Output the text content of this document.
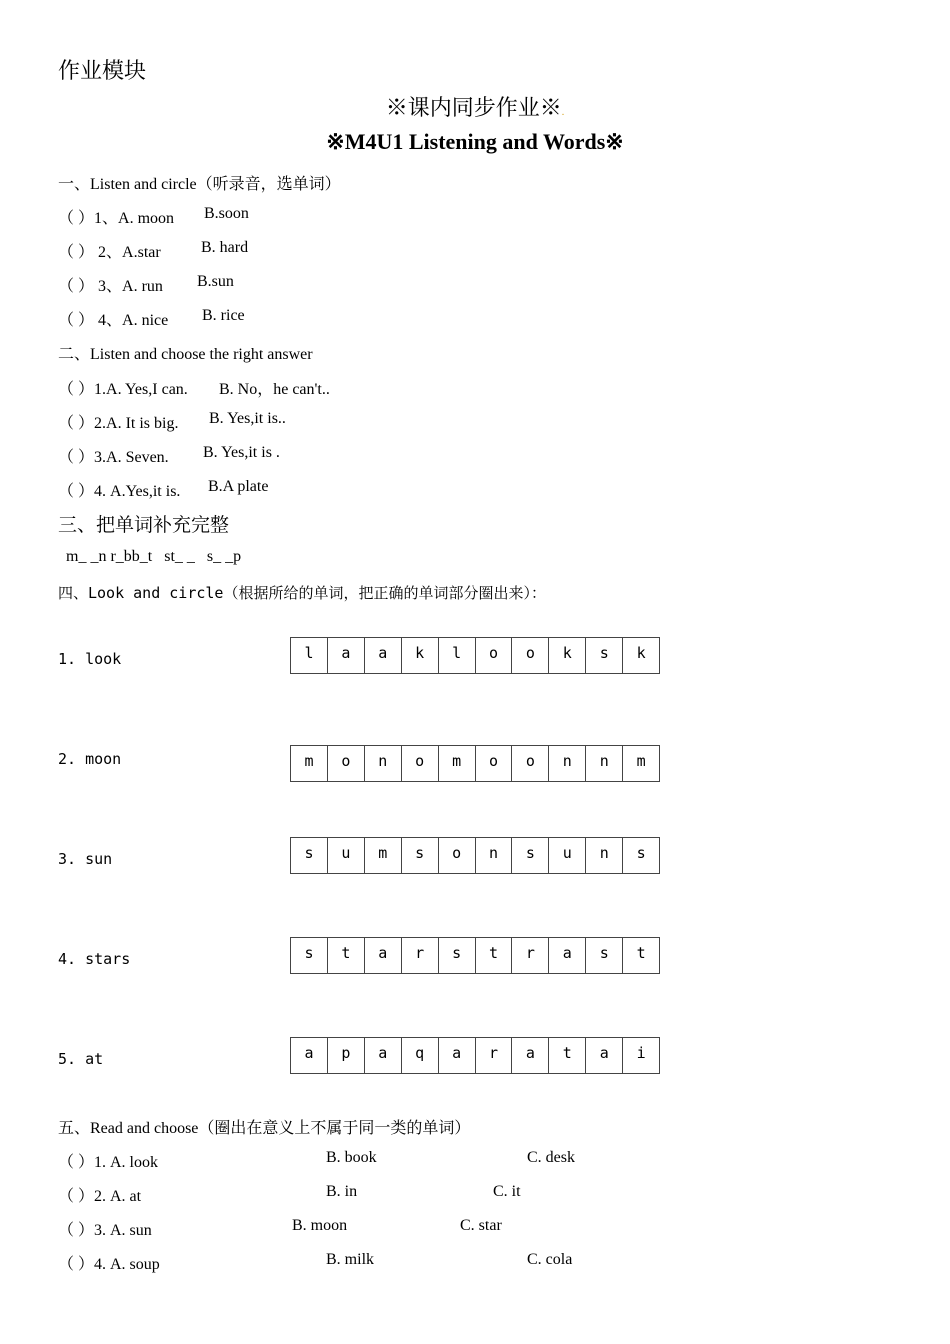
作业模块
※课内同步作业※.
※M4U1 Listening and Words※
一、Listen and circle（听录音，选单词）
（ ）1、A. moon B.soon
（ ） 2、A.star	B. hard
（ ） 3、A. run B.sun
（ ） 4、A. nice B. rice
二、Listen and choose the right answer
（ ）1.A. Yes,I can. B. No，he can't..
（ ）2.A. It is big. B. Yes,it is..
（ ）3.A. Seven. B. Yes,it is .
（ ）4. A.Yes,it is. B.A plate
三、把单词补充完整
m_ _n r_bb_t st_ _ s_ _p
四、Look and circle（根据所给的单词，把正确的单词部分圈出来）：
1. look	l	a	a	k	l	o	o	k	s	k
2. moon	m	o	n	o	m	o	o	n	n	m
3. sun	s	u	m	s	o	n	s	u	n	s
4. stars	s	t	a	r	s	t	r	a	s	t
5. at	a	p	a	q	a	r	a	t	a	i
五、Read and choose（圈出在意义上不属于同一类的单词）
（ ）1. A. look	B. book	C. desk
（ ）2. A. at	B. in	C. it
（ ）3. A. sun	B. moon	C. star
（ ）4. A. soup	B. milk	C. cola
